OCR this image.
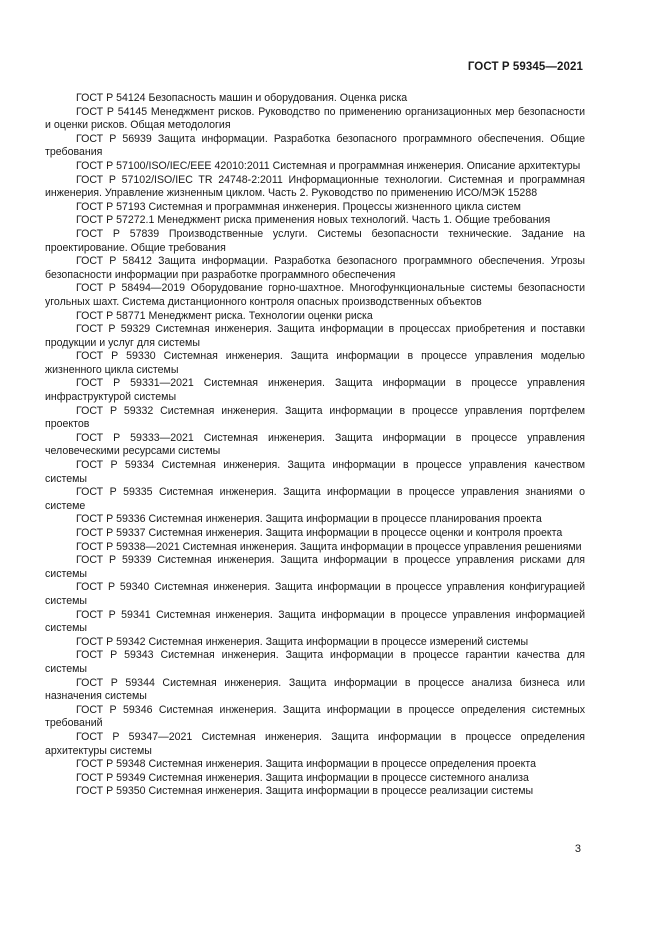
ГОСТ Р 59345—2021

ГОСТ Р 54124 Безопасность машин и оборудования. Оценка риска

ГОСТ Р 54145 Менеджмент рисков. Руководство по применению организационных мер безопасности и оценки рисков. Общая методология

ГОСТ Р 56939 Защита информации. Разработка безопасного программного обеспечения. Общие требования

ГОСТ Р 57100/ISO/IEC/EEE 42010:2011 Системная и программная инженерия. Описание архитектуры

ГОСТ Р 57102/ISO/IEC TR 24748-2:2011 Информационные технологии. Системная и программная инженерия. Управление жизненным циклом. Часть 2. Руководство по применению ИСО/МЭК 15288

ГОСТ Р 57193 Системная и программная инженерия. Процессы жизненного цикла систем

ГОСТ Р 57272.1 Менеджмент риска применения новых технологий. Часть 1. Общие требования

ГОСТ Р 57839 Производственные услуги. Системы безопасности технические. Задание на проектирование. Общие требования

ГОСТ Р 58412 Защита информации. Разработка безопасного программного обеспечения. Угрозы безопасности информации при разработке программного обеспечения

ГОСТ Р 58494—2019 Оборудование горно-шахтное. Многофункциональные системы безопасности угольных шахт. Система дистанционного контроля опасных производственных объектов

ГОСТ Р 58771 Менеджмент риска. Технологии оценки риска

ГОСТ Р 59329 Системная инженерия. Защита информации в процессах приобретения и поставки продукции и услуг для системы

ГОСТ Р 59330 Системная инженерия. Защита информации в процессе управления моделью жизненного цикла системы

ГОСТ Р 59331—2021 Системная инженерия. Защита информации в процессе управления инфраструктурой системы

ГОСТ Р 59332 Системная инженерия. Защита информации в процессе управления портфелем проектов

ГОСТ Р 59333—2021 Системная инженерия. Защита информации в процессе управления человеческими ресурсами системы

ГОСТ Р 59334 Системная инженерия. Защита информации в процессе управления качеством системы

ГОСТ Р 59335 Системная инженерия. Защита информации в процессе управления знаниями о системе

ГОСТ Р 59336 Системная инженерия. Защита информации в процессе планирования проекта

ГОСТ Р 59337 Системная инженерия. Защита информации в процессе оценки и контроля проекта

ГОСТ Р 59338—2021 Системная инженерия. Защита информации в процессе управления решениями

ГОСТ Р 59339 Системная инженерия. Защита информации в процессе управления рисками для системы

ГОСТ Р 59340 Системная инженерия. Защита информации в процессе управления конфигурацией системы

ГОСТ Р 59341 Системная инженерия. Защита информации в процессе управления информацией системы

ГОСТ Р 59342 Системная инженерия. Защита информации в процессе измерений системы

ГОСТ Р 59343 Системная инженерия. Защита информации в процессе гарантии качества для системы

ГОСТ Р 59344 Системная инженерия. Защита информации в процессе анализа бизнеса или назначения системы

ГОСТ Р 59346 Системная инженерия. Защита информации в процессе определения системных требований

ГОСТ Р 59347—2021 Системная инженерия. Защита информации в процессе определения архитектуры системы

ГОСТ Р 59348 Системная инженерия. Защита информации в процессе определения проекта

ГОСТ Р 59349 Системная инженерия. Защита информации в процессе системного анализа

ГОСТ Р 59350 Системная инженерия. Защита информации в процессе реализации системы

3
